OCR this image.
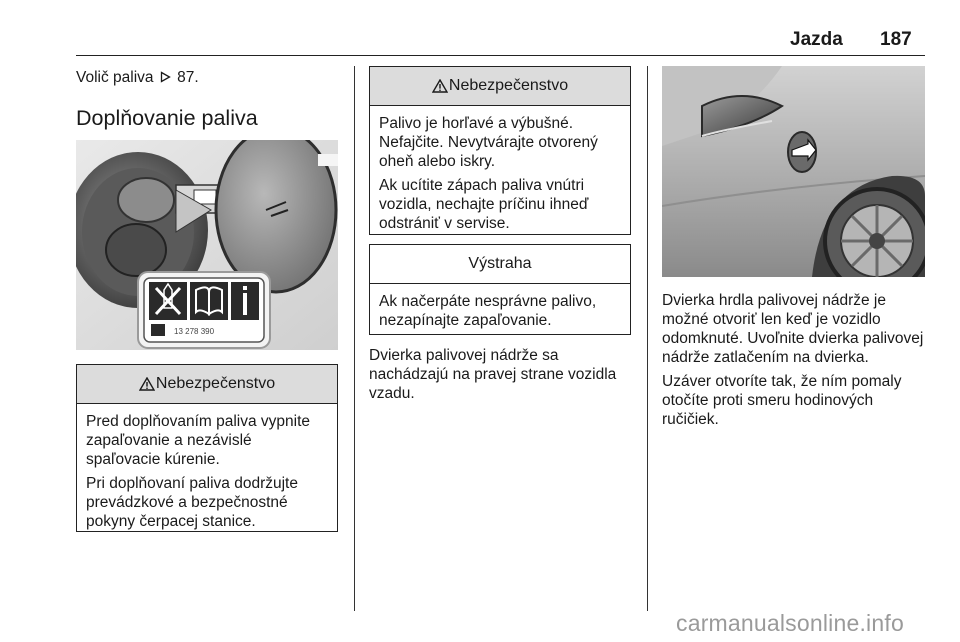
Jazda 187
Volič paliva 87.
Doplňovanie paliva
13 278 390
Nebezpečenstvo

Pred doplňovaním paliva vypnite zapaľovanie a nezávislé spaľovacie kúrenie.

Pri doplňovaní paliva dodržujte prevádzkové a bezpečnostné pokyny čerpacej stanice.

Nebezpečenstvo

Palivo je horľavé a výbušné. Nefajčite. Nevytvárajte otvorený oheň alebo iskry.

Ak ucítite zápach paliva vnútri vozidla, nechajte príčinu ihneď odstrániť v servise.

Výstraha

Ak načerpáte nesprávne palivo, nezapínajte zapaľovanie.

Dvierka palivovej nádrže sa nachádzajú na pravej strane vozidla vzadu.

Dvierka hrdla palivovej nádrže je možné otvoriť len keď je vozidlo odomknuté. Uvoľnite dvierka palivovej nádrže zatlačením na dvierka.

Uzáver otvoríte tak, že ním pomaly otočíte proti smeru hodinových ručičiek.

carmanualsonline.info
